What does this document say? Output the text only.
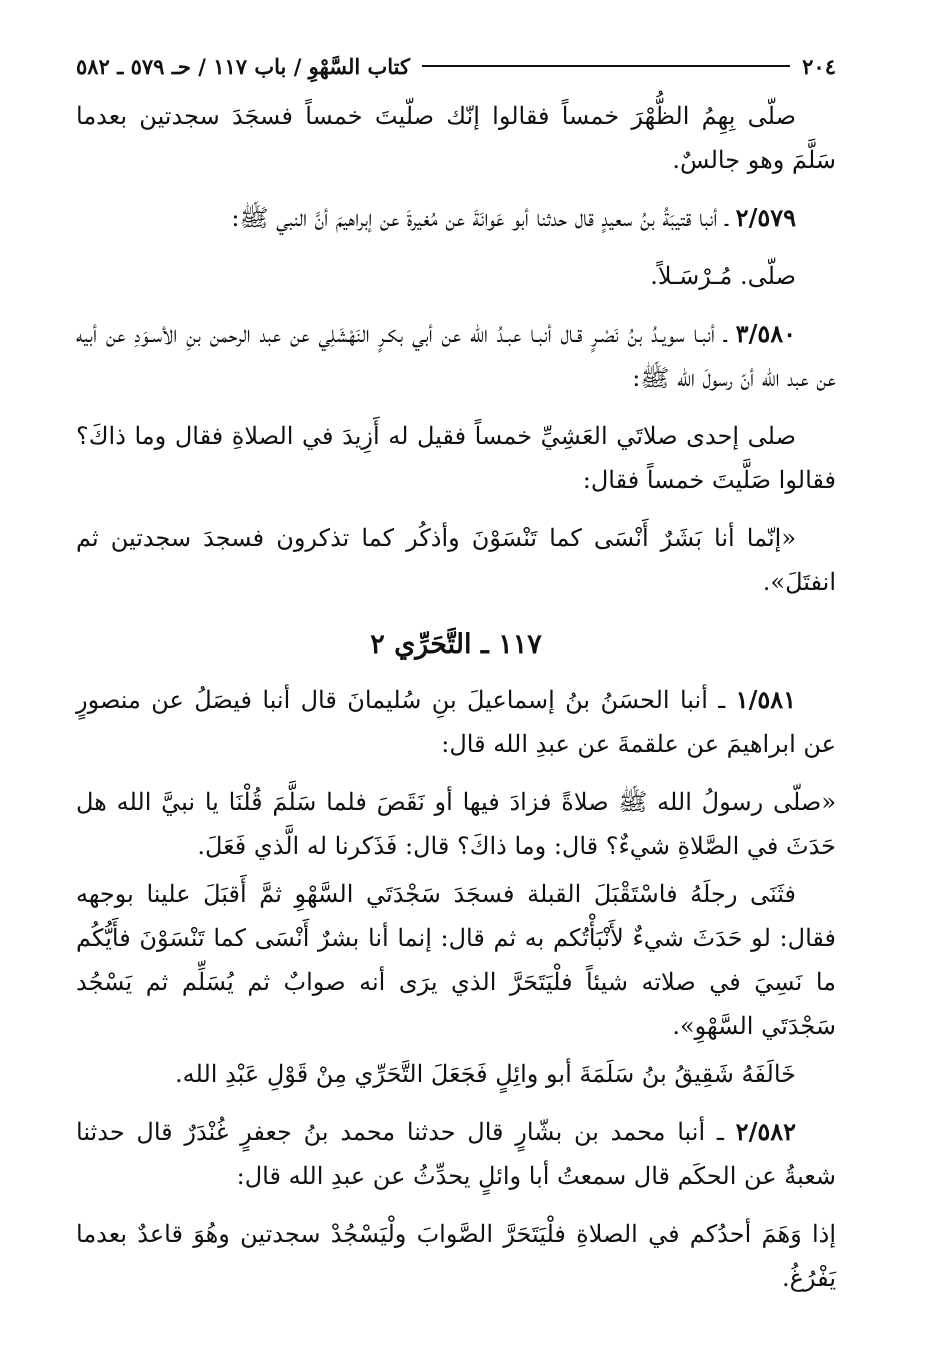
٢٠٤
كتاب السَّهْوِ / باب ١١٧ / حـ ٥٧٩ ـ ٥٨٢

صلّى بِهِمُ الظُّهْرَ خمساً فقالوا إنّك صلّيتَ خمساً فسجَدَ سجدتين بعدما سَلَّمَ وهو جالسٌ.

٢/٥٧٩ ـ أنبا قتيبَةُ بنُ سعيدٍ قال حدثنا أبو عَوانَةَ عن مُغيرةَ عن إبراهيمَ أنَّ النبي ﷺ:

صلّى. مُـرْسَـلاً.

٣/٥٨٠ ـ أنبـا سويـدُ بنُ نَصْـرٍ قـال أنبـا عبـدُ الله عن أبي بكـرٍ النَهْشَلِي عن عبد الرحمن بنِ الأسـوَدِ عن أبيه عن عبد الله أنّ رسولَ الله ﷺ:

صلى إحدى صلاتَي العَشِيِّ خمساً فقيل له أَزِيدَ في الصلاةِ فقال وما ذاكَ؟ فقالوا صَلَّيتَ خمساً فقال:

«إنّما أنا بَشَرٌ أَنْسَى كما تَنْسَوْنَ وأذكُر كما تذكرون فسجدَ سجدتين ثم انفتَلَ».

١١٧ ـ التَّحَرِّي ٢

١/٥٨١ ـ أنبا الحسَنُ بنُ إسماعيلَ بنِ سُليمانَ قال أنبا فيصَلُ عن منصورٍ عن ابراهيمَ عن علقمةَ عن عبدِ الله قال:

«صلّى رسولُ الله ﷺ صلاةً فزادَ فيها أو نَقَصَ فلما سَلَّمَ قُلْنَا يا نبيَّ الله هل حَدَثَ في الصَّلاةِ شيءٌ؟ قال: وما ذاكَ؟ قال: فَذَكرنا له الَّذي فَعَلَ.

فثَنَى رجلَهُ فاسْتَقْبَلَ القبلة فسجَدَ سَجْدَتَي السَّهْوِ ثمَّ أَقبَلَ علينا بوجهه فقال: لو حَدَثَ شيءٌ لأَنْبَأْتُكم به ثم قال: إنما أنا بشرٌ أَنْسَى كما تَنْسَوْنَ فأَيُّكُم ما نَسِيَ في صلاته شيئاً فلْيَتَحَرَّ الذي يرَى أنه صوابٌ ثم يُسَلِّم ثم يَسْجُد سَجْدَتَي السَّهْوِ».

خَالَفَهُ شَقِيقُ بنُ سَلَمَةَ أبو وائِلٍ فَجَعَلَ التَّحَرِّي مِنْ قَوْلِ عَبْدِ الله.

٢/٥٨٢ ـ أنبا محمد بن بشّارٍ قال حدثنا محمد بنُ جعفرٍ غُنْدَرٌ قال حدثنا شعبةُ عن الحكَم قال سمعتُ أبا وائلٍ يحدِّثُ عن عبدِ الله قال:

إذا وَهَمَ أحدُكم في الصلاةِ فلْيَتَحَرَّ الصَّوابَ ولْيَسْجُدْ سجدتين وهُوَ قاعدٌ بعدما يَفْرُغُ.
